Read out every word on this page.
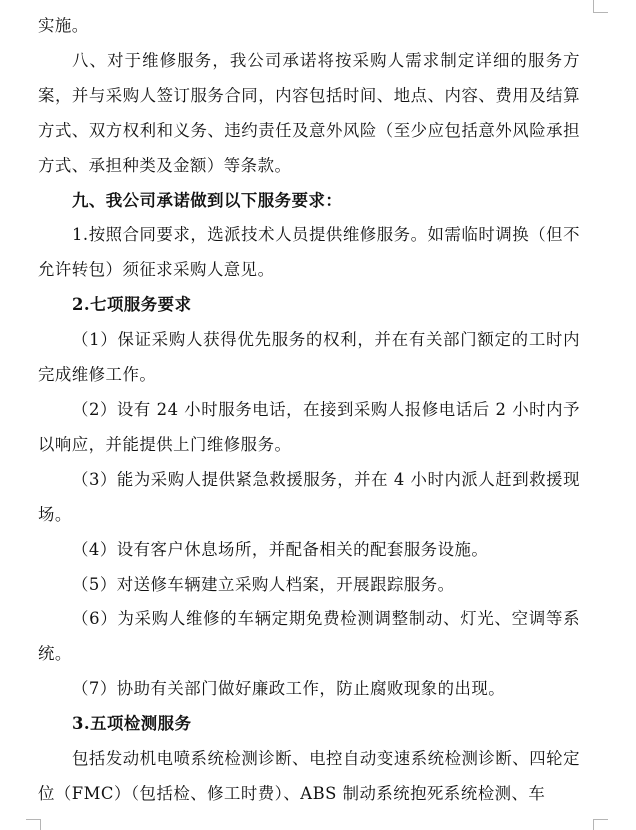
实施。

八、对于维修服务，我公司承诺将按采购人需求制定详细的服务方案，并与采购人签订服务合同，内容包括时间、地点、内容、费用及结算方式、双方权利和义务、违约责任及意外风险（至少应包括意外风险承担方式、承担种类及金额）等条款。

九、我公司承诺做到以下服务要求：

1.按照合同要求，选派技术人员提供维修服务。如需临时调换（但不允许转包）须征求采购人意见。

2.七项服务要求

（1）保证采购人获得优先服务的权利，并在有关部门额定的工时内完成维修工作。

（2）设有 24 小时服务电话，在接到采购人报修电话后 2 小时内予以响应，并能提供上门维修服务。

（3）能为采购人提供紧急救援服务，并在 4 小时内派人赶到救援现场。

（4）设有客户休息场所，并配备相关的配套服务设施。

（5）对送修车辆建立采购人档案，开展跟踪服务。

（6）为采购人维修的车辆定期免费检测调整制动、灯光、空调等系统。

（7）协助有关部门做好廉政工作，防止腐败现象的出现。

3.五项检测服务

包括发动机电喷系统检测诊断、电控自动变速系统检测诊断、四轮定位（FMC）（包括检、修工时费）、ABS 制动系统抱死系统检测、车
